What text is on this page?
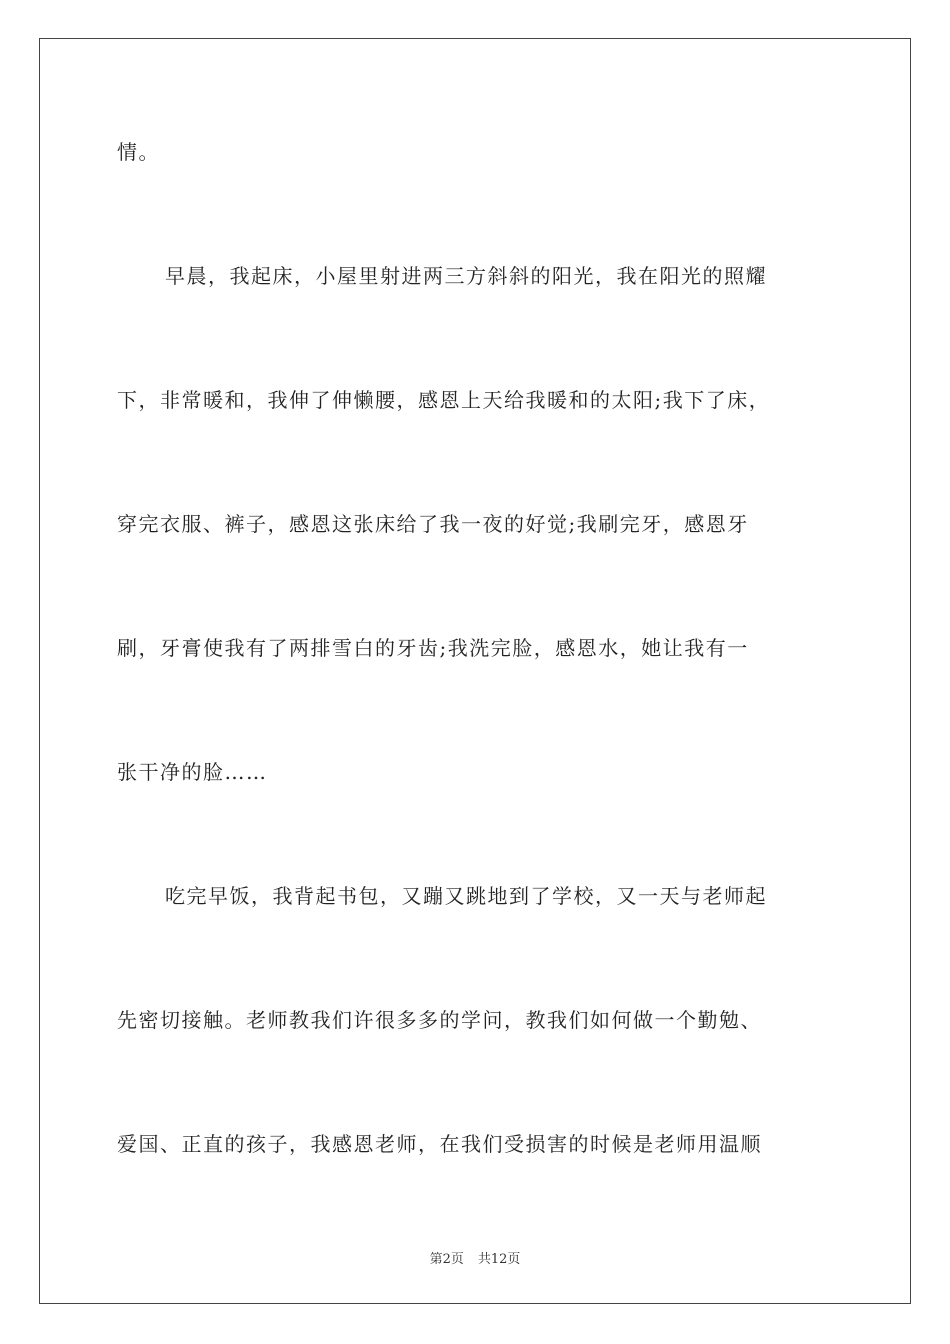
情。
早晨，我起床，小屋里射进两三方斜斜的阳光，我在阳光的照耀
下，非常暖和，我伸了伸懒腰，感恩上天给我暖和的太阳;我下了床，
穿完衣服、裤子，感恩这张床给了我一夜的好觉;我刷完牙，感恩牙
刷，牙膏使我有了两排雪白的牙齿;我洗完脸，感恩水，她让我有一
张干净的脸……
吃完早饭，我背起书包，又蹦又跳地到了学校，又一天与老师起
先密切接触。老师教我们许很多多的学问，教我们如何做一个勤勉、
爱国、正直的孩子，我感恩老师，在我们受损害的时候是老师用温顺
第2页 共12页
